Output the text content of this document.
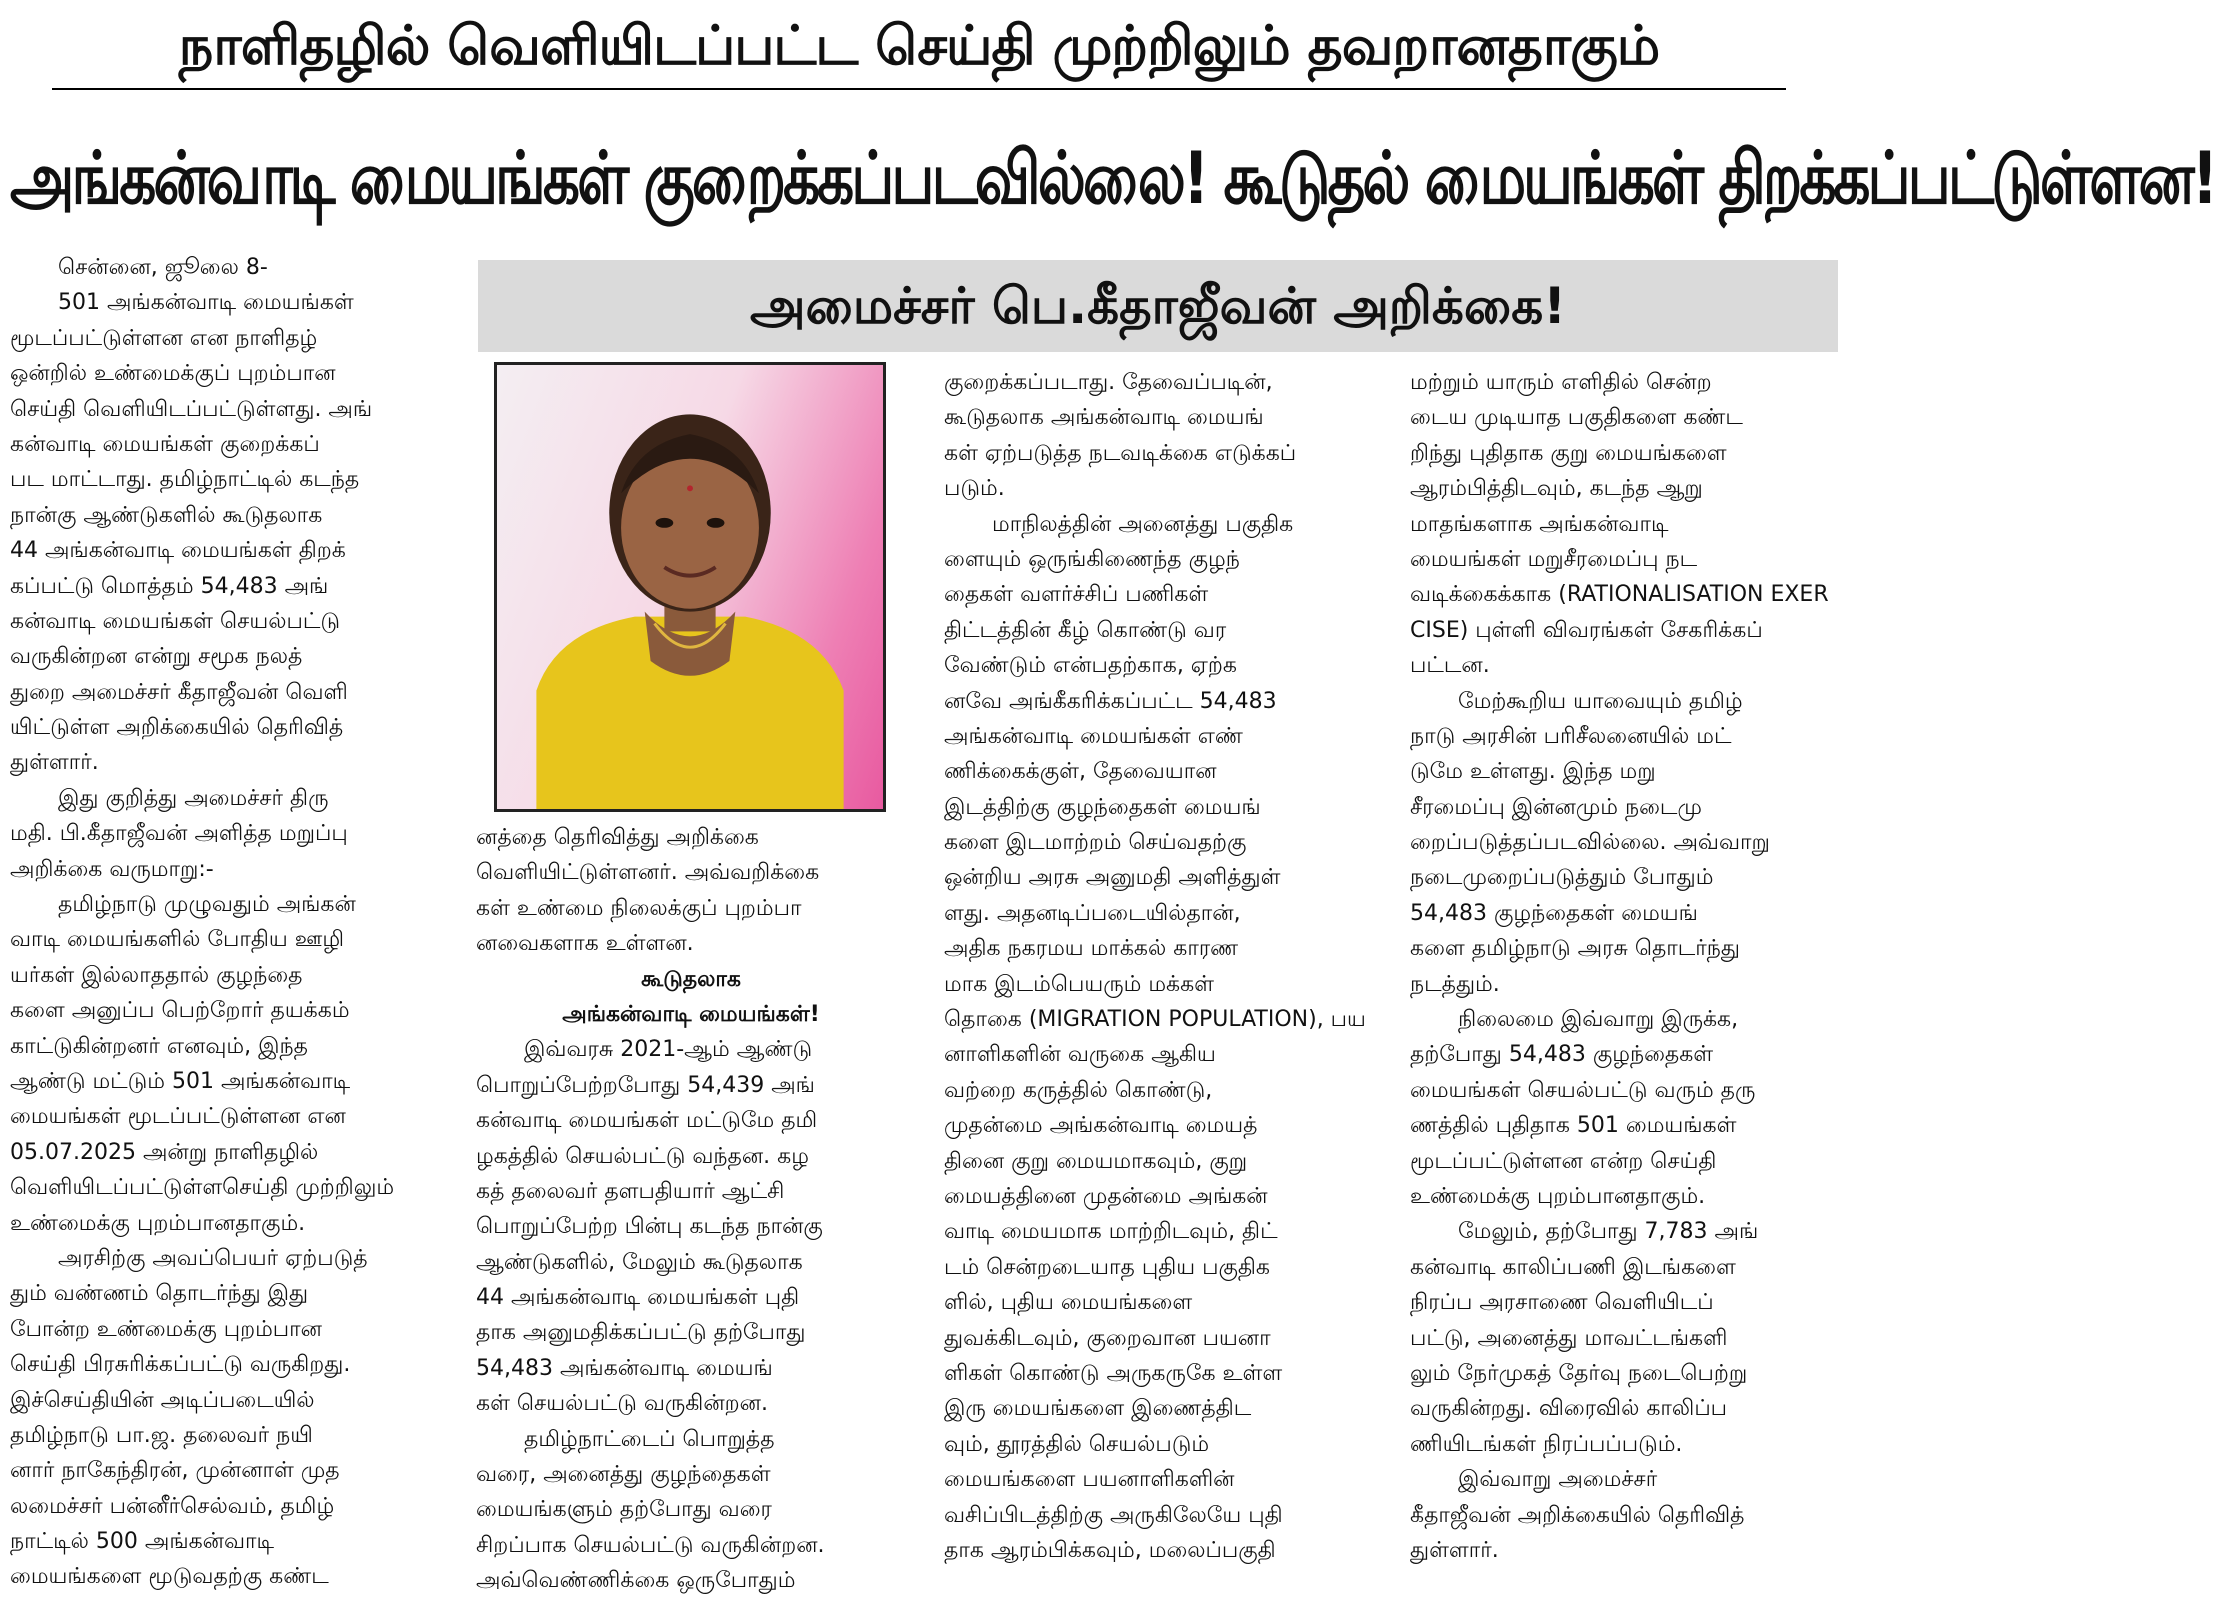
நாளிதழில் வெளியிடப்பட்ட செய்தி முற்றிலும் தவறானதாகும்
அங்கன்வாடி மையங்கள் குறைக்கப்படவில்லை! கூடுதல் மையங்கள் திறக்கப்பட்டுள்ளன!
அமைச்சர் பெ.கீதாஜீவன் அறிக்கை!
சென்னை, ஜூலை 8-
501 அங்கன்வாடி மையங்கள்
மூடப்பட்டுள்ளன என நாளிதழ்
ஒன்றில் உண்மைக்குப் புறம்பான
செய்தி வெளியிடப்பட்டுள்ளது. அங்
கன்வாடி மையங்கள் குறைக்கப்
பட மாட்டாது. தமிழ்நாட்டில் கடந்த
நான்கு ஆண்டுகளில் கூடுதலாக
44 அங்கன்வாடி மையங்கள் திறக்
கப்பட்டு மொத்தம் 54,483 அங்
கன்வாடி மையங்கள் செயல்பட்டு
வருகின்றன என்று சமூக நலத்
துறை அமைச்சர் கீதாஜீவன் வெளி
யிட்டுள்ள அறிக்கையில் தெரிவித்
துள்ளார்.
இது குறித்து அமைச்சர் திரு
மதி. பி.கீதாஜீவன் அளித்த மறுப்பு
அறிக்கை வருமாறு:-
தமிழ்நாடு முழுவதும் அங்கன்
வாடி மையங்களில் போதிய ஊழி
யர்கள் இல்லாததால் குழந்தை
களை அனுப்ப பெற்றோர் தயக்கம்
காட்டுகின்றனர் எனவும், இந்த
ஆண்டு மட்டும் 501 அங்கன்வாடி
மையங்கள் மூடப்பட்டுள்ளன என
05.07.2025 அன்று நாளிதழில்
வெளியிடப்பட்டுள்ளசெய்தி முற்றிலும்
உண்மைக்கு புறம்பானதாகும்.
அரசிற்கு அவப்பெயர் ஏற்படுத்
தும் வண்ணம் தொடர்ந்து இது
போன்ற உண்மைக்கு புறம்பான
செய்தி பிரசுரிக்கப்பட்டு வருகிறது.
இச்செய்தியின் அடிப்படையில்
தமிழ்நாடு பா.ஜ. தலைவர் நயி
னார் நாகேந்திரன், முன்னாள் முத
லமைச்சர் பன்னீர்செல்வம், தமிழ்
நாட்டில் 500 அங்கன்வாடி
மையங்களை மூடுவதற்கு கண்ட
னத்தை தெரிவித்து அறிக்கை
வெளியிட்டுள்ளனர். அவ்வறிக்கை
கள் உண்மை நிலைக்குப் புறம்பா
னவைகளாக உள்ளன.
கூடுதலாக
அங்கன்வாடி மையங்கள்!
இவ்வரசு 2021-ஆம் ஆண்டு
பொறுப்பேற்றபோது 54,439 அங்
கன்வாடி மையங்கள் மட்டுமே தமி
ழகத்தில் செயல்பட்டு வந்தன. கழ
கத் தலைவர் தளபதியார் ஆட்சி
பொறுப்பேற்ற பின்பு கடந்த நான்கு
ஆண்டுகளில், மேலும் கூடுதலாக
44 அங்கன்வாடி மையங்கள் புதி
தாக அனுமதிக்கப்பட்டு தற்போது
54,483 அங்கன்வாடி மையங்
கள் செயல்பட்டு வருகின்றன.
தமிழ்நாட்டைப் பொறுத்த
வரை, அனைத்து குழந்தைகள்
மையங்களும் தற்போது வரை
சிறப்பாக செயல்பட்டு வருகின்றன.
அவ்வெண்ணிக்கை ஒருபோதும்
குறைக்கப்படாது. தேவைப்படின்,
கூடுதலாக அங்கன்வாடி மையங்
கள் ஏற்படுத்த நடவடிக்கை எடுக்கப்
படும்.
மாநிலத்தின் அனைத்து பகுதிக
ளையும் ஒருங்கிணைந்த குழந்
தைகள் வளர்ச்சிப் பணிகள்
திட்டத்தின் கீழ் கொண்டு வர
வேண்டும் என்பதற்காக, ஏற்க
னவே அங்கீகரிக்கப்பட்ட 54,483
அங்கன்வாடி மையங்கள் எண்
ணிக்கைக்குள், தேவையான
இடத்திற்கு குழந்தைகள் மையங்
களை இடமாற்றம் செய்வதற்கு
ஒன்றிய அரசு அனுமதி அளித்துள்
ளது. அதனடிப்படையில்தான்,
அதிக நகரமய மாக்கல் காரண
மாக இடம்பெயரும் மக்கள்
தொகை (MIGRATION POPULATION), பய
னாளிகளின் வருகை ஆகிய
வற்றை கருத்தில் கொண்டு,
முதன்மை அங்கன்வாடி மையத்
தினை குறு மையமாகவும், குறு
மையத்தினை முதன்மை அங்கன்
வாடி மையமாக மாற்றிடவும், திட்
டம் சென்றடையாத புதிய பகுதிக
ளில், புதிய மையங்களை
துவக்கிடவும், குறைவான பயனா
ளிகள் கொண்டு அருகருகே உள்ள
இரு மையங்களை இணைத்திட
வும், தூரத்தில் செயல்படும்
மையங்களை பயனாளிகளின்
வசிப்பிடத்திற்கு அருகிலேயே புதி
தாக ஆரம்பிக்கவும், மலைப்பகுதி
மற்றும் யாரும் எளிதில் சென்ற
டைய முடியாத பகுதிகளை கண்ட
றிந்து புதிதாக குறு மையங்களை
ஆரம்பித்திடவும், கடந்த ஆறு
மாதங்களாக அங்கன்வாடி
மையங்கள் மறுசீரமைப்பு நட
வடிக்கைக்காக (RATIONALISATION EXER
CISE) புள்ளி விவரங்கள் சேகரிக்கப்
பட்டன.
மேற்கூறிய யாவையும் தமிழ்
நாடு அரசின் பரிசீலனையில் மட்
டுமே உள்ளது. இந்த மறு
சீரமைப்பு இன்னமும் நடைமு
றைப்படுத்தப்படவில்லை. அவ்வாறு
நடைமுறைப்படுத்தும் போதும்
54,483 குழந்தைகள் மையங்
களை தமிழ்நாடு அரசு தொடர்ந்து
நடத்தும்.
நிலைமை இவ்வாறு இருக்க,
தற்போது 54,483 குழந்தைகள்
மையங்கள் செயல்பட்டு வரும் தரு
ணத்தில் புதிதாக 501 மையங்கள்
மூடப்பட்டுள்ளன என்ற செய்தி
உண்மைக்கு புறம்பானதாகும்.
மேலும், தற்போது 7,783 அங்
கன்வாடி காலிப்பணி இடங்களை
நிரப்ப அரசாணை வெளியிடப்
பட்டு, அனைத்து மாவட்டங்களி
லும் நேர்முகத் தேர்வு நடைபெற்று
வருகின்றது. விரைவில் காலிப்ப
ணியிடங்கள் நிரப்பப்படும்.
இவ்வாறு அமைச்சர்
கீதாஜீவன் அறிக்கையில் தெரிவித்
துள்ளார்.
